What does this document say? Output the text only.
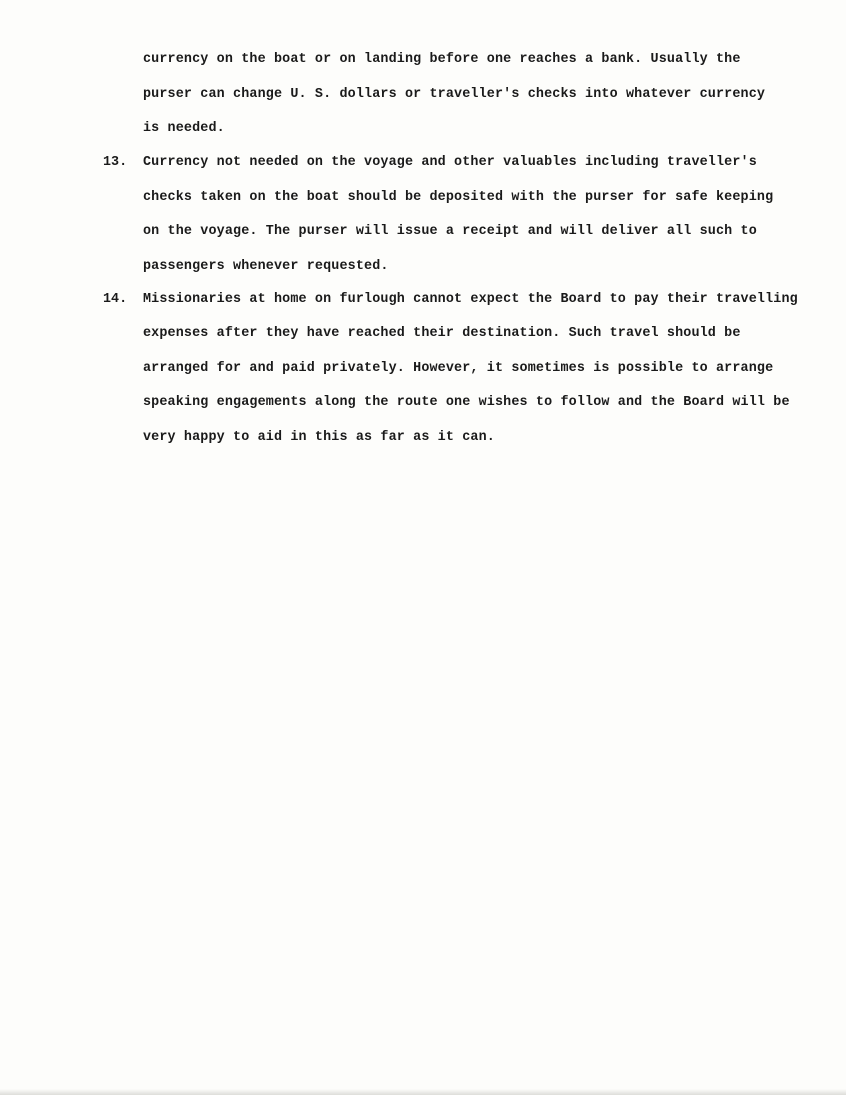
currency on the boat or on landing before one reaches a bank. Usually the
purser can change U. S. dollars or traveller's checks into whatever currency
is needed.
13. Currency not needed on the voyage and other valuables including traveller's
checks taken on the boat should be deposited with the purser for safe keeping
on the voyage. The purser will issue a receipt and will deliver all such to
passengers whenever requested.
14. Missionaries at home on furlough cannot expect the Board to pay their travelling
expenses after they have reached their destination. Such travel should be
arranged for and paid privately. However, it sometimes is possible to arrange
speaking engagements along the route one wishes to follow and the Board will be
very happy to aid in this as far as it can.
